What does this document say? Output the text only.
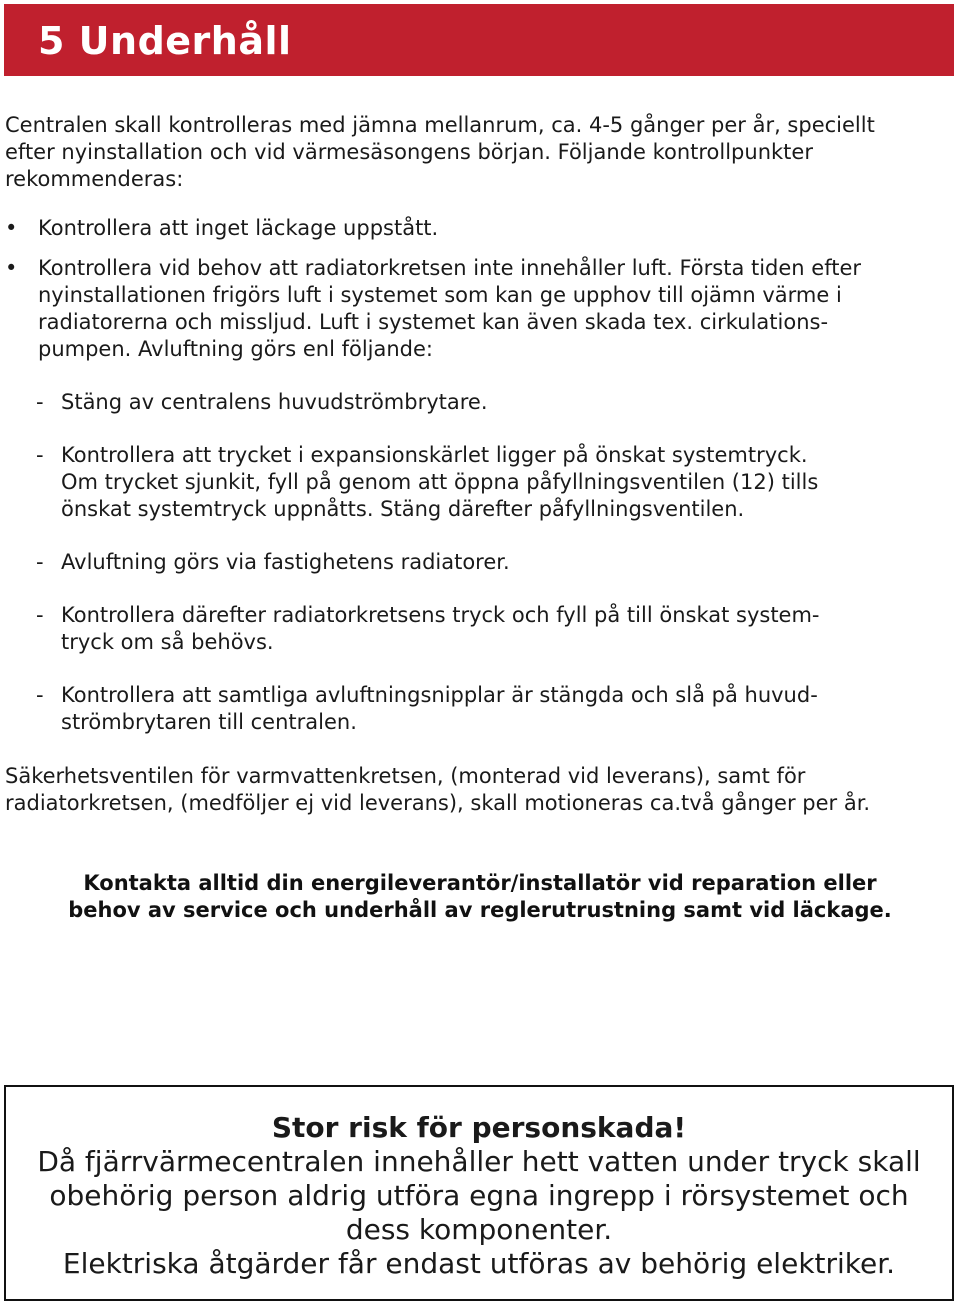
5 Underhåll

Centralen skall kontrolleras med jämna mellanrum, ca. 4-5 gånger per år, speciellt
efter nyinstallation och vid värmesäsongens början. Följande kontrollpunkter
rekommenderas:

• Kontrollera att inget läckage uppstått.
• Kontrollera vid behov att radiatorkretsen inte innehåller luft. Första tiden efter
nyinstallationen frigörs luft i systemet som kan ge upphov till ojämn värme i
radiatorerna och missljud. Luft i systemet kan även skada tex. cirkulations-
pumpen. Avluftning görs enl följande:
- Stäng av centralens huvudströmbrytare.
- Kontrollera att trycket i expansionskärlet ligger på önskat systemtryck.
Om trycket sjunkit, fyll på genom att öppna påfyllningsventilen (12) tills
önskat systemtryck uppnåtts. Stäng därefter påfyllningsventilen.
- Avluftning görs via fastighetens radiatorer.
- Kontrollera därefter radiatorkretsens tryck och fyll på till önskat system-
tryck om så behövs.
- Kontrollera att samtliga avluftningsnipplar är stängda och slå på huvud-
strömbrytaren till centralen.

Säkerhetsventilen för varmvattenkretsen, (monterad vid leverans), samt för
radiatorkretsen, (medföljer ej vid leverans), skall motioneras ca.två gånger per år.

Kontakta alltid din energileverantör/installatör vid reparation eller
behov av service och underhåll av reglerutrustning samt vid läckage.

Stor risk för personskada!

Då fjärrvärmecentralen innehåller hett vatten under tryck skall
obehörig person aldrig utföra egna ingrepp i rörsystemet och
dess komponenter.
Elektriska åtgärder får endast utföras av behörig elektriker.
